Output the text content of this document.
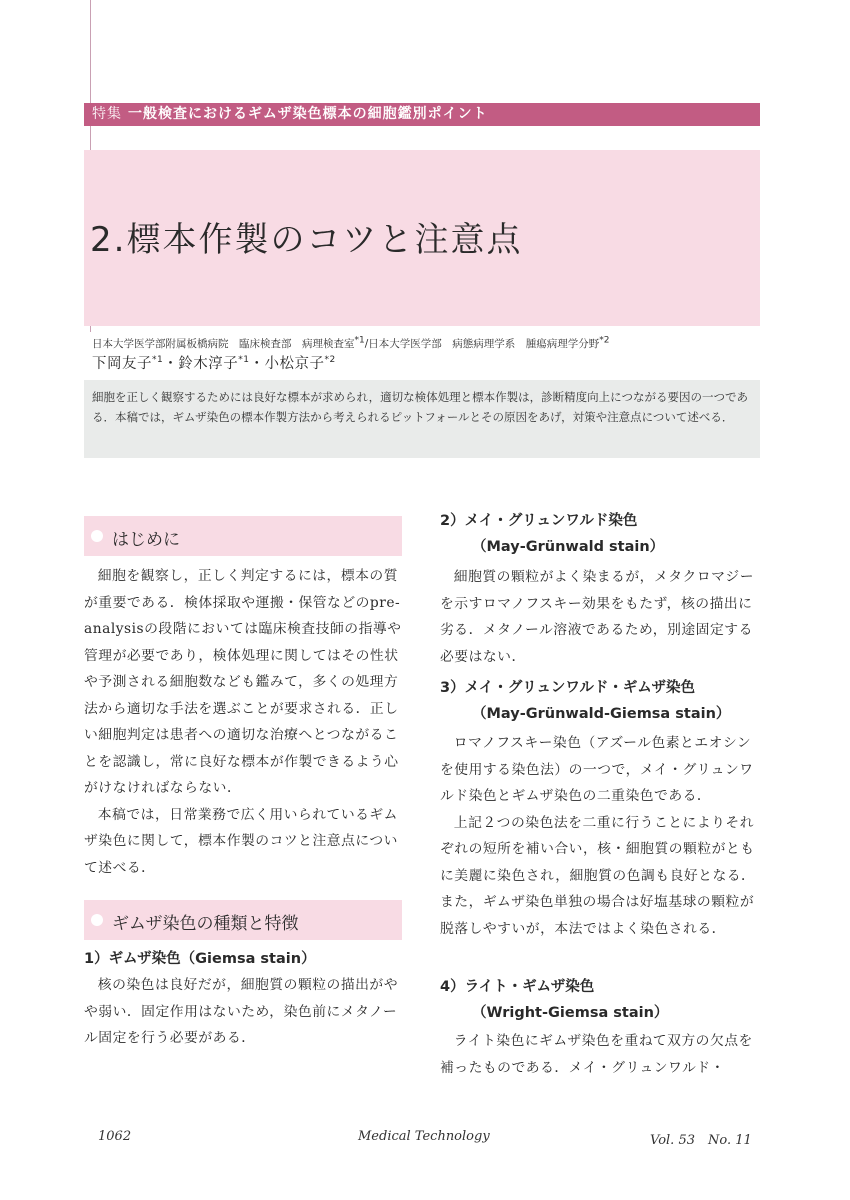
特集 一般検査におけるギムザ染色標本の細胞鑑別ポイント
2.標本作製のコツと注意点
日本大学医学部附属板橋病院　臨床検査部　病理検査室$^{*1}$/日本大学医学部　病態病理学系　腫瘍病理学分野$^{*2}$
下岡友子$^{*1}$・鈴木淳子$^{*1}$・小松京子$^{*2}$
細胞を正しく観察するためには良好な標本が求められ，適切な検体処理と標本作製は，診断精度向上につながる要因の一つである．本稿では，ギムザ染色の標本作製方法から考えられるピットフォールとその原因をあげ，対策や注意点について述べる．
はじめに

細胞を観察し，正しく判定するには，標本の質が重要である．検体採取や運搬・保管などのpre-analysisの段階においては臨床検査技師の指導や管理が必要であり，検体処理に関してはその性状や予測される細胞数なども鑑みて，多くの処理方法から適切な手法を選ぶことが要求される．正しい細胞判定は患者への適切な治療へとつながることを認識し，常に良好な標本が作製できるよう心がけなければならない．

本稿では，日常業務で広く用いられているギムザ染色に関して，標本作製のコツと注意点について述べる．

ギムザ染色の種類と特徴
1）ギムザ染色（Giemsa stain）

核の染色は良好だが，細胞質の顆粒の描出がやや弱い．固定作用はないため，染色前にメタノール固定を行う必要がある．

2）メイ・グリュンワルド染色
（May-Grünwald stain）

細胞質の顆粒がよく染まるが，メタクロマジーを示すロマノフスキー効果をもたず，核の描出に劣る．メタノール溶液であるため，別途固定する必要はない．

3）メイ・グリュンワルド・ギムザ染色
（May-Grünwald-Giemsa stain）

ロマノフスキー染色（アズール色素とエオシンを使用する染色法）の一つで，メイ・グリュンワルド染色とギムザ染色の二重染色である．

上記２つの染色法を二重に行うことによりそれぞれの短所を補い合い，核・細胞質の顆粒がともに美麗に染色され，細胞質の色調も良好となる．また，ギムザ染色単独の場合は好塩基球の顆粒が脱落しやすいが，本法ではよく染色される．

4）ライト・ギムザ染色
（Wright-Giemsa stain）

ライト染色にギムザ染色を重ねて双方の欠点を補ったものである．メイ・グリュンワルド・

1062	Medical Technology	Vol. 53　No. 11
